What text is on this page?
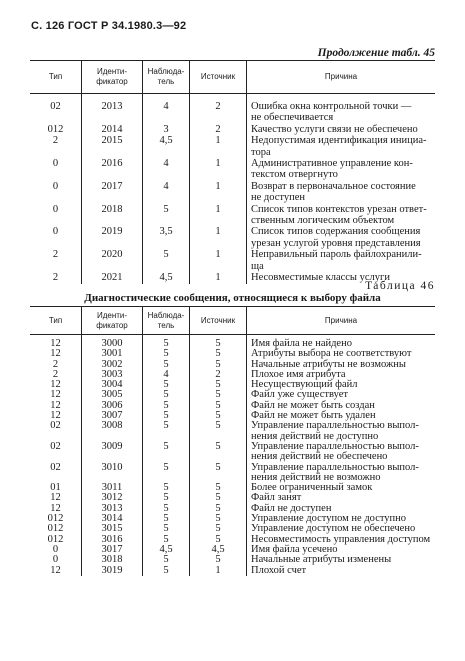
С. 126 ГОСТ Р 34.1980.3—92
Продолжение табл. 45
Тип	Иденти-фикатор	Наблюда-тель	Источник	Причина

02	2013	4	2	Ошибка окна контрольной точки —
				не обеспечивается
012	2014	3	2	Качество услуги связи не обеспечено
2	2015	4,5	1	Недопустимая идентификация инициа-
				тора
0	2016	4	1	Административное управление кон-
				текстом отвергнуто
0	2017	4	1	Возврат в первоначальное состояние
				не доступен
0	2018	5	1	Список типов контекстов урезан ответ-
				ственным логическим объектом
0	2019	3,5	1	Список типов содержания сообщения
				урезан услугой уровня представления
2	2020	5	1	Неправильный пароль файлохранили-
				ща
2	2021	4,5	1	Несовместимые классы услуги
Таблица 46
Диагностические сообщения, относящиеся к выбору файла
Тип	Иденти-фикатор	Наблюда-тель	Источник	Причина

12	3000	5	5	Имя файла не найдено
12	3001	5	5	Атрибуты выбора не соответствуют
2	3002	5	5	Начальные атрибуты не возможны
2	3003	4	2	Плохое имя атрибута
12	3004	5	5	Несуществующий файл
12	3005	5	5	Файл уже существует
12	3006	5	5	Файл не может быть создан
12	3007	5	5	Файл не может быть удален
02	3008	5	5	Управление параллельностью выпол-
				нения действий не доступно
02	3009	5	5	Управление параллельностью выпол-
				нения действий не обеспечено
02	3010	5	5	Управление параллельностью выпол-
				нения действий не возможно
01	3011	5	5	Более ограниченный замок
12	3012	5	5	Файл занят
12	3013	5	5	Файл не доступен
012	3014	5	5	Управление доступом не доступно
012	3015	5	5	Управление доступом не обеспечено
012	3016	5	5	Несовместимость управления доступом
0	3017	4,5	4,5	Имя файла усечено
0	3018	5	5	Начальные атрибуты изменены
12	3019	5	1	Плохой счет
